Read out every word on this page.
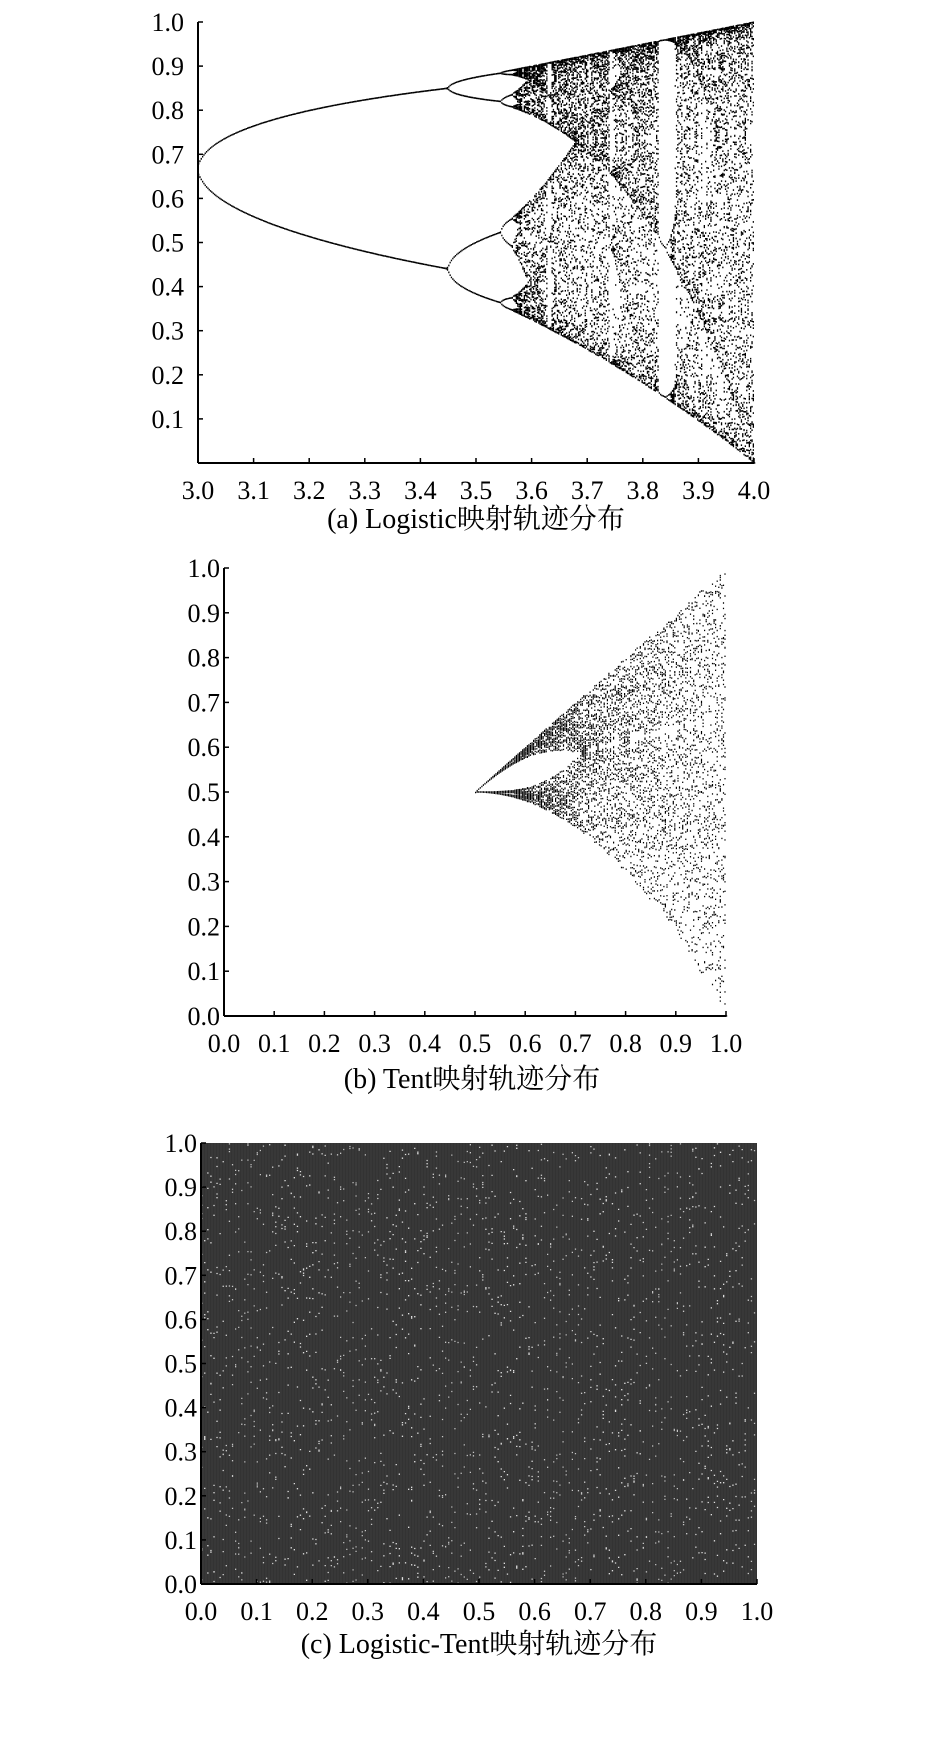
3.0 3.1 3.2 3.3 3.4 3.5 3.6 3.7 3.8 3.9 4.0
0.1
0.2
0.3
0.4
0.5
0.6
0.7
0.8
0.9
1.0
(a) Logistic映射轨迹分布
0.0 0.1 0.2 0.3 0.4 0.5 0.6 0.7 0.8 0.9 1.0
0.0
0.1
0.2
0.3
0.4
0.5
0.6
0.7
0.8
0.9
1.0
(b) Tent映射轨迹分布
0.0 0.1 0.2 0.3 0.4 0.5 0.6 0.7 0.8 0.9 1.0
0.0
0.1
0.2
0.3
0.4
0.5
0.6
0.7
0.8
0.9
1.0
(c) Logistic-Tent映射轨迹分布
